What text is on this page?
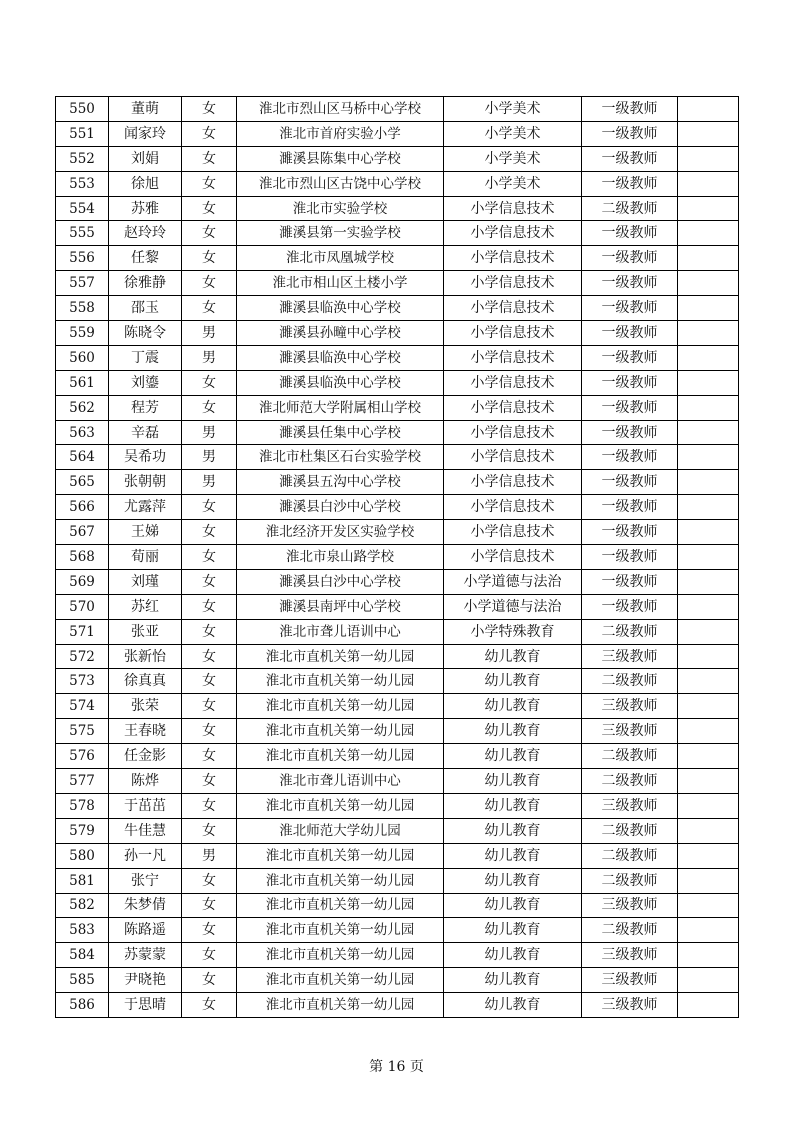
550	董萌	女	淮北市烈山区马桥中心学校	小学美术	一级教师	
551	闻家玲	女	淮北市首府实验小学	小学美术	一级教师	
552	刘娟	女	濉溪县陈集中心学校	小学美术	一级教师	
553	徐旭	女	淮北市烈山区古饶中心学校	小学美术	一级教师	
554	苏雅	女	淮北市实验学校	小学信息技术	二级教师	
555	赵玲玲	女	濉溪县第一实验学校	小学信息技术	一级教师	
556	任黎	女	淮北市凤凰城学校	小学信息技术	一级教师	
557	徐雅静	女	淮北市相山区土楼小学	小学信息技术	一级教师	
558	邵玉	女	濉溪县临涣中心学校	小学信息技术	一级教师	
559	陈晓令	男	濉溪县孙疃中心学校	小学信息技术	一级教师	
560	丁震	男	濉溪县临涣中心学校	小学信息技术	一级教师	
561	刘鎏	女	濉溪县临涣中心学校	小学信息技术	一级教师	
562	程芳	女	淮北师范大学附属相山学校	小学信息技术	一级教师	
563	辛磊	男	濉溪县任集中心学校	小学信息技术	一级教师	
564	吴希功	男	淮北市杜集区石台实验学校	小学信息技术	一级教师	
565	张朝朝	男	濉溪县五沟中心学校	小学信息技术	一级教师	
566	尤露萍	女	濉溪县白沙中心学校	小学信息技术	一级教师	
567	王娣	女	淮北经济开发区实验学校	小学信息技术	一级教师	
568	荀丽	女	淮北市泉山路学校	小学信息技术	一级教师	
569	刘瑾	女	濉溪县白沙中心学校	小学道德与法治	一级教师	
570	苏红	女	濉溪县南坪中心学校	小学道德与法治	一级教师	
571	张亚	女	淮北市聋儿语训中心	小学特殊教育	二级教师	
572	张新怡	女	淮北市直机关第一幼儿园	幼儿教育	三级教师	
573	徐真真	女	淮北市直机关第一幼儿园	幼儿教育	二级教师	
574	张荣	女	淮北市直机关第一幼儿园	幼儿教育	三级教师	
575	王春晓	女	淮北市直机关第一幼儿园	幼儿教育	三级教师	
576	任金影	女	淮北市直机关第一幼儿园	幼儿教育	二级教师	
577	陈烨	女	淮北市聋儿语训中心	幼儿教育	二级教师	
578	于茁茁	女	淮北市直机关第一幼儿园	幼儿教育	三级教师	
579	牛佳慧	女	淮北师范大学幼儿园	幼儿教育	二级教师	
580	孙一凡	男	淮北市直机关第一幼儿园	幼儿教育	二级教师	
581	张宁	女	淮北市直机关第一幼儿园	幼儿教育	二级教师	
582	朱梦倩	女	淮北市直机关第一幼儿园	幼儿教育	三级教师	
583	陈路遥	女	淮北市直机关第一幼儿园	幼儿教育	二级教师	
584	苏蒙蒙	女	淮北市直机关第一幼儿园	幼儿教育	三级教师	
585	尹晓艳	女	淮北市直机关第一幼儿园	幼儿教育	三级教师	
586	于思晴	女	淮北市直机关第一幼儿园	幼儿教育	三级教师	
第 16 页
